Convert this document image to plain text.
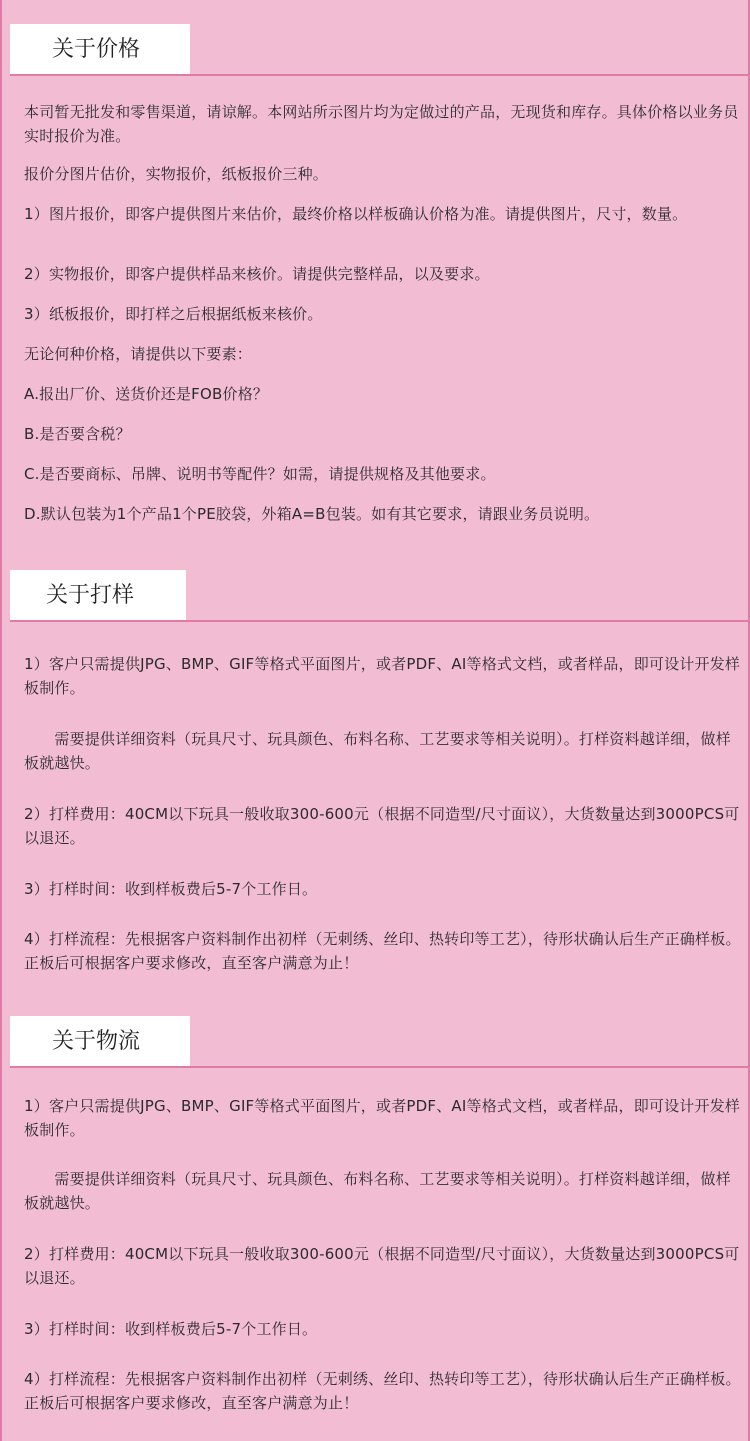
关于价格

本司暂无批发和零售渠道，请谅解。本网站所示图片均为定做过的产品，无现货和库存。具体价格以业务员实时报价为准。

报价分图片估价，实物报价，纸板报价三种。

1）图片报价，即客户提供图片来估价，最终价格以样板确认价格为准。请提供图片，尺寸，数量。

2）实物报价，即客户提供样品来核价。请提供完整样品，以及要求。

3）纸板报价，即打样之后根据纸板来核价。

无论何种价格，请提供以下要素：

A.报出厂价、送货价还是FOB价格？

B.是否要含税？

C.是否要商标、吊牌、说明书等配件？如需，请提供规格及其他要求。

D.默认包装为1个产品1个PE胶袋，外箱A=B包装。如有其它要求，请跟业务员说明。

关于打样

1）客户只需提供JPG、BMP、GIF等格式平面图片，或者PDF、AI等格式文档，或者样品，即可设计开发样板制作。

　　需要提供详细资料（玩具尺寸、玩具颜色、布料名称、工艺要求等相关说明）。打样资料越详细，做样板就越快。

2）打样费用：40CM以下玩具一般收取300-600元（根据不同造型/尺寸面议），大货数量达到3000PCS可以退还。

3）打样时间：收到样板费后5-7个工作日。

4）打样流程：先根据客户资料制作出初样（无刺绣、丝印、热转印等工艺），待形状确认后生产正确样板。正板后可根据客户要求修改，直至客户满意为止！

关于物流

1）客户只需提供JPG、BMP、GIF等格式平面图片，或者PDF、AI等格式文档，或者样品，即可设计开发样板制作。

　　需要提供详细资料（玩具尺寸、玩具颜色、布料名称、工艺要求等相关说明）。打样资料越详细，做样板就越快。

2）打样费用：40CM以下玩具一般收取300-600元（根据不同造型/尺寸面议），大货数量达到3000PCS可以退还。

3）打样时间：收到样板费后5-7个工作日。

4）打样流程：先根据客户资料制作出初样（无刺绣、丝印、热转印等工艺），待形状确认后生产正确样板。正板后可根据客户要求修改，直至客户满意为止！
